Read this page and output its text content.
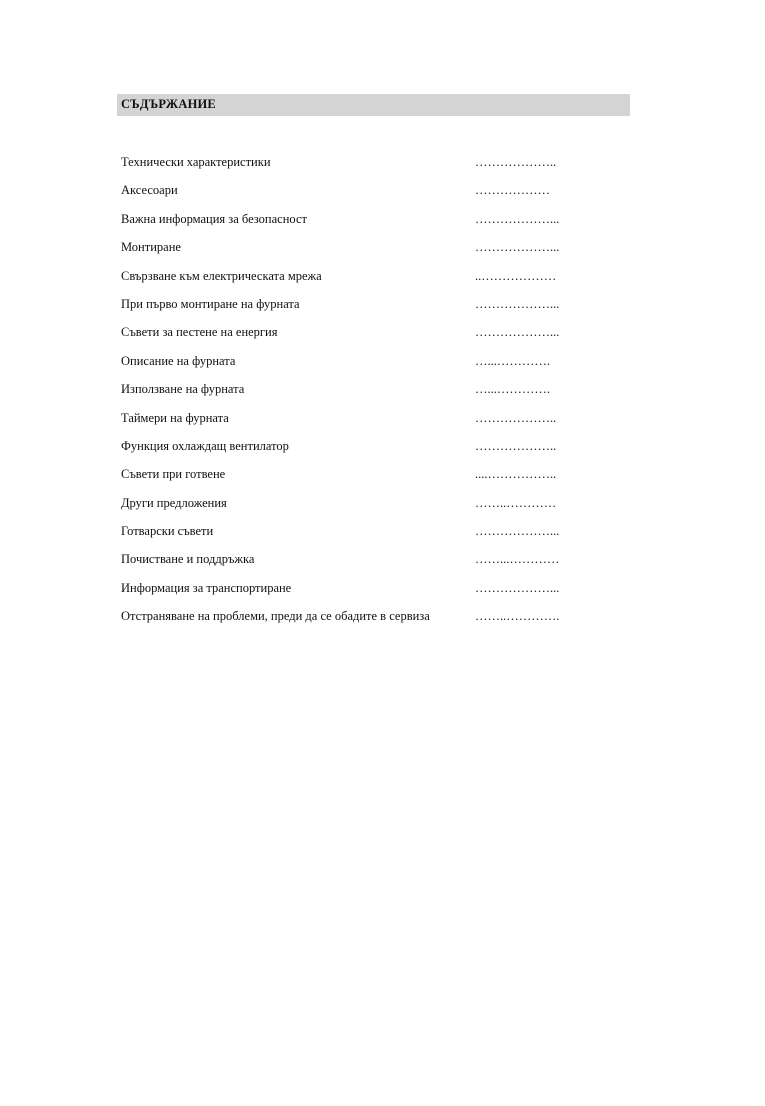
СЪДЪРЖАНИЕ
Технически характеристики	………………..
Аксесоари	………………
Важна информация за безопасност	………………...
Монтиране	………………...
Свързване към електрическата мрежа	..………………
При първо монтиране на фурната	………………...
Съвети за пестене на енергия	………………...
Описание на фурната	…...………….
Използване на фурната	…...………….
Таймери на фурната	………………..
Функция охлаждащ вентилатор	………………..
Съвети при готвене	....……………..
Други предложения	……..…………
Готварски съвети	………………...
Почистване и поддръжка	……...…………
Информация за транспортиране	………………...
Отстраняване на проблеми, преди да се обадите в сервиза	……..………….
